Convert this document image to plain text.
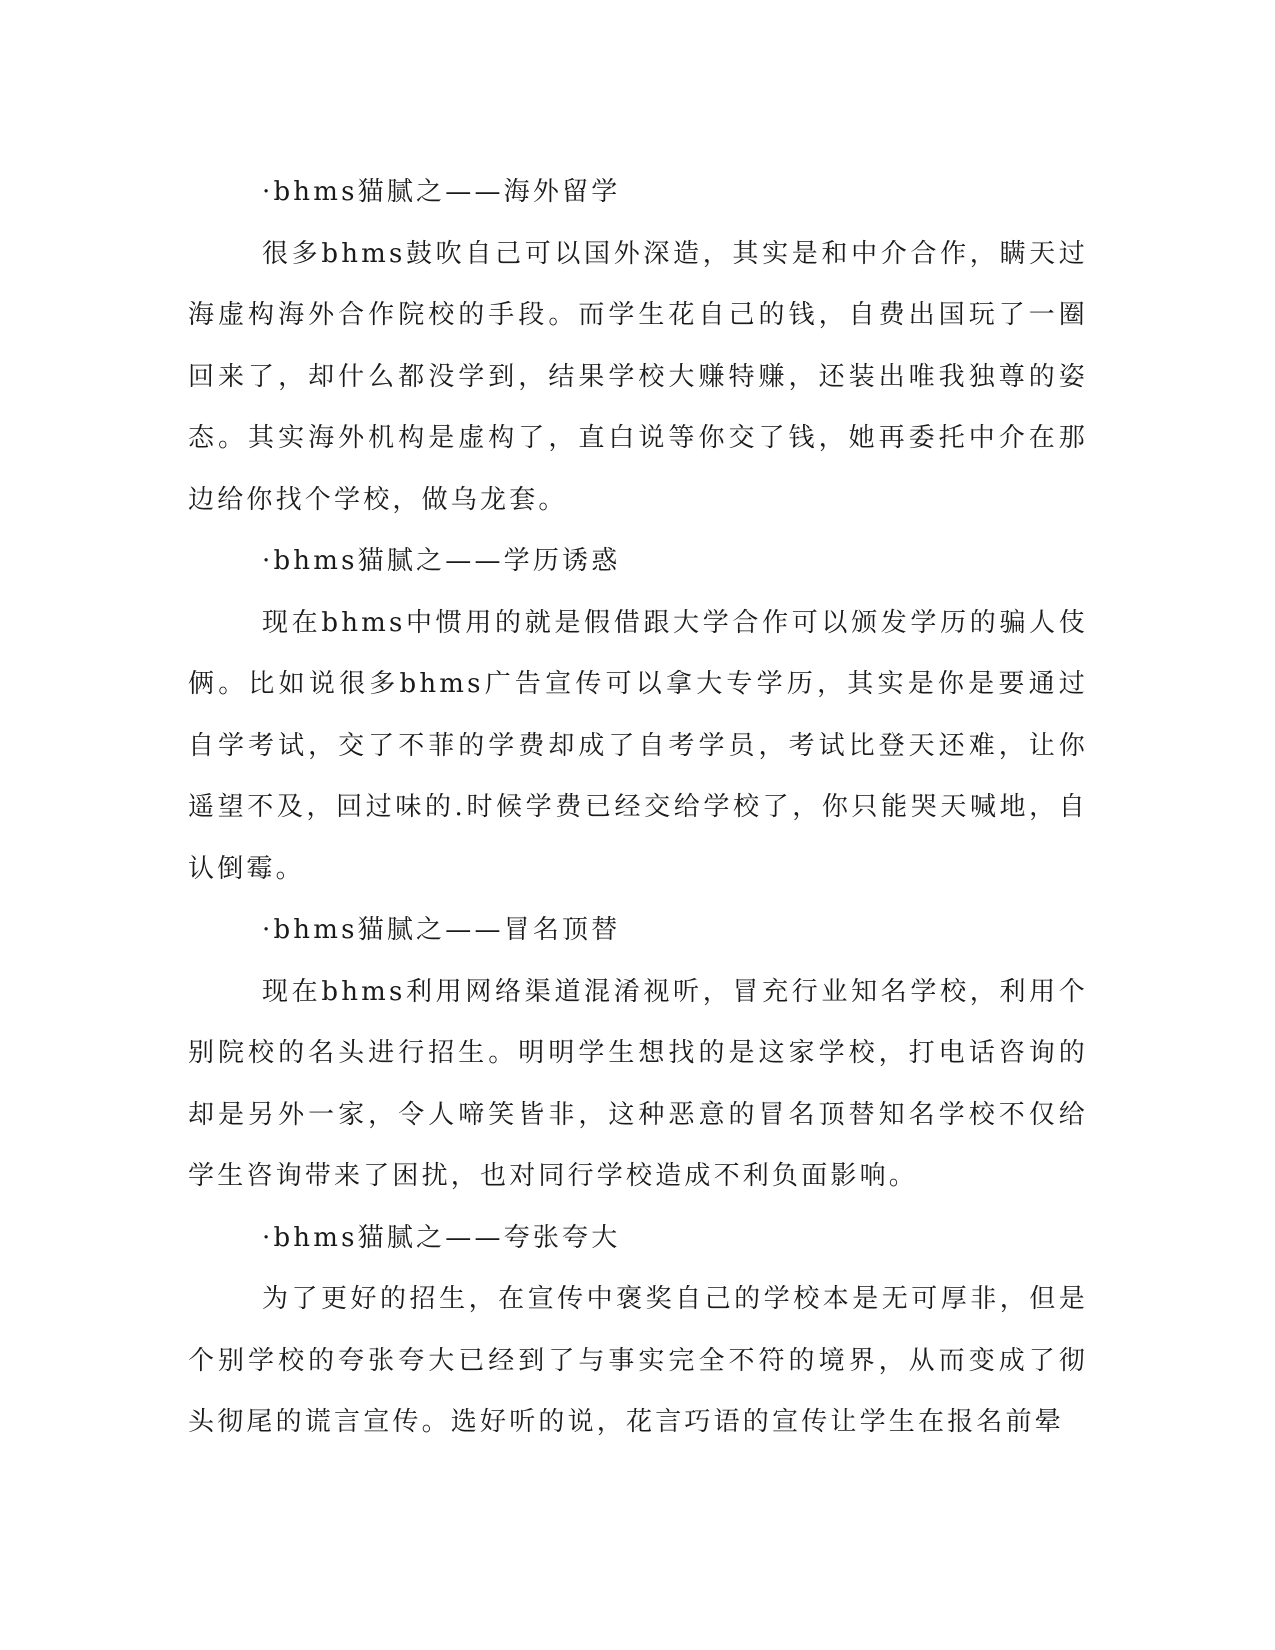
·bhms猫腻之——海外留学

很多bhms鼓吹自己可以国外深造，其实是和中介合作，瞒天过海虚构海外合作院校的手段。而学生花自己的钱，自费出国玩了一圈回来了，却什么都没学到，结果学校大赚特赚，还装出唯我独尊的姿态。其实海外机构是虚构了，直白说等你交了钱，她再委托中介在那边给你找个学校，做乌龙套。

·bhms猫腻之——学历诱惑

现在bhms中惯用的就是假借跟大学合作可以颁发学历的骗人伎俩。比如说很多bhms广告宣传可以拿大专学历，其实是你是要通过自学考试，交了不菲的学费却成了自考学员，考试比登天还难，让你遥望不及，回过味的.时候学费已经交给学校了，你只能哭天喊地，自认倒霉。

·bhms猫腻之——冒名顶替

现在bhms利用网络渠道混淆视听，冒充行业知名学校，利用个别院校的名头进行招生。明明学生想找的是这家学校，打电话咨询的却是另外一家，令人啼笑皆非，这种恶意的冒名顶替知名学校不仅给学生咨询带来了困扰，也对同行学校造成不利负面影响。

·bhms猫腻之——夸张夸大

为了更好的招生，在宣传中褒奖自己的学校本是无可厚非，但是个别学校的夸张夸大已经到了与事实完全不符的境界，从而变成了彻头彻尾的谎言宣传。选好听的说，花言巧语的宣传让学生在报名前晕
